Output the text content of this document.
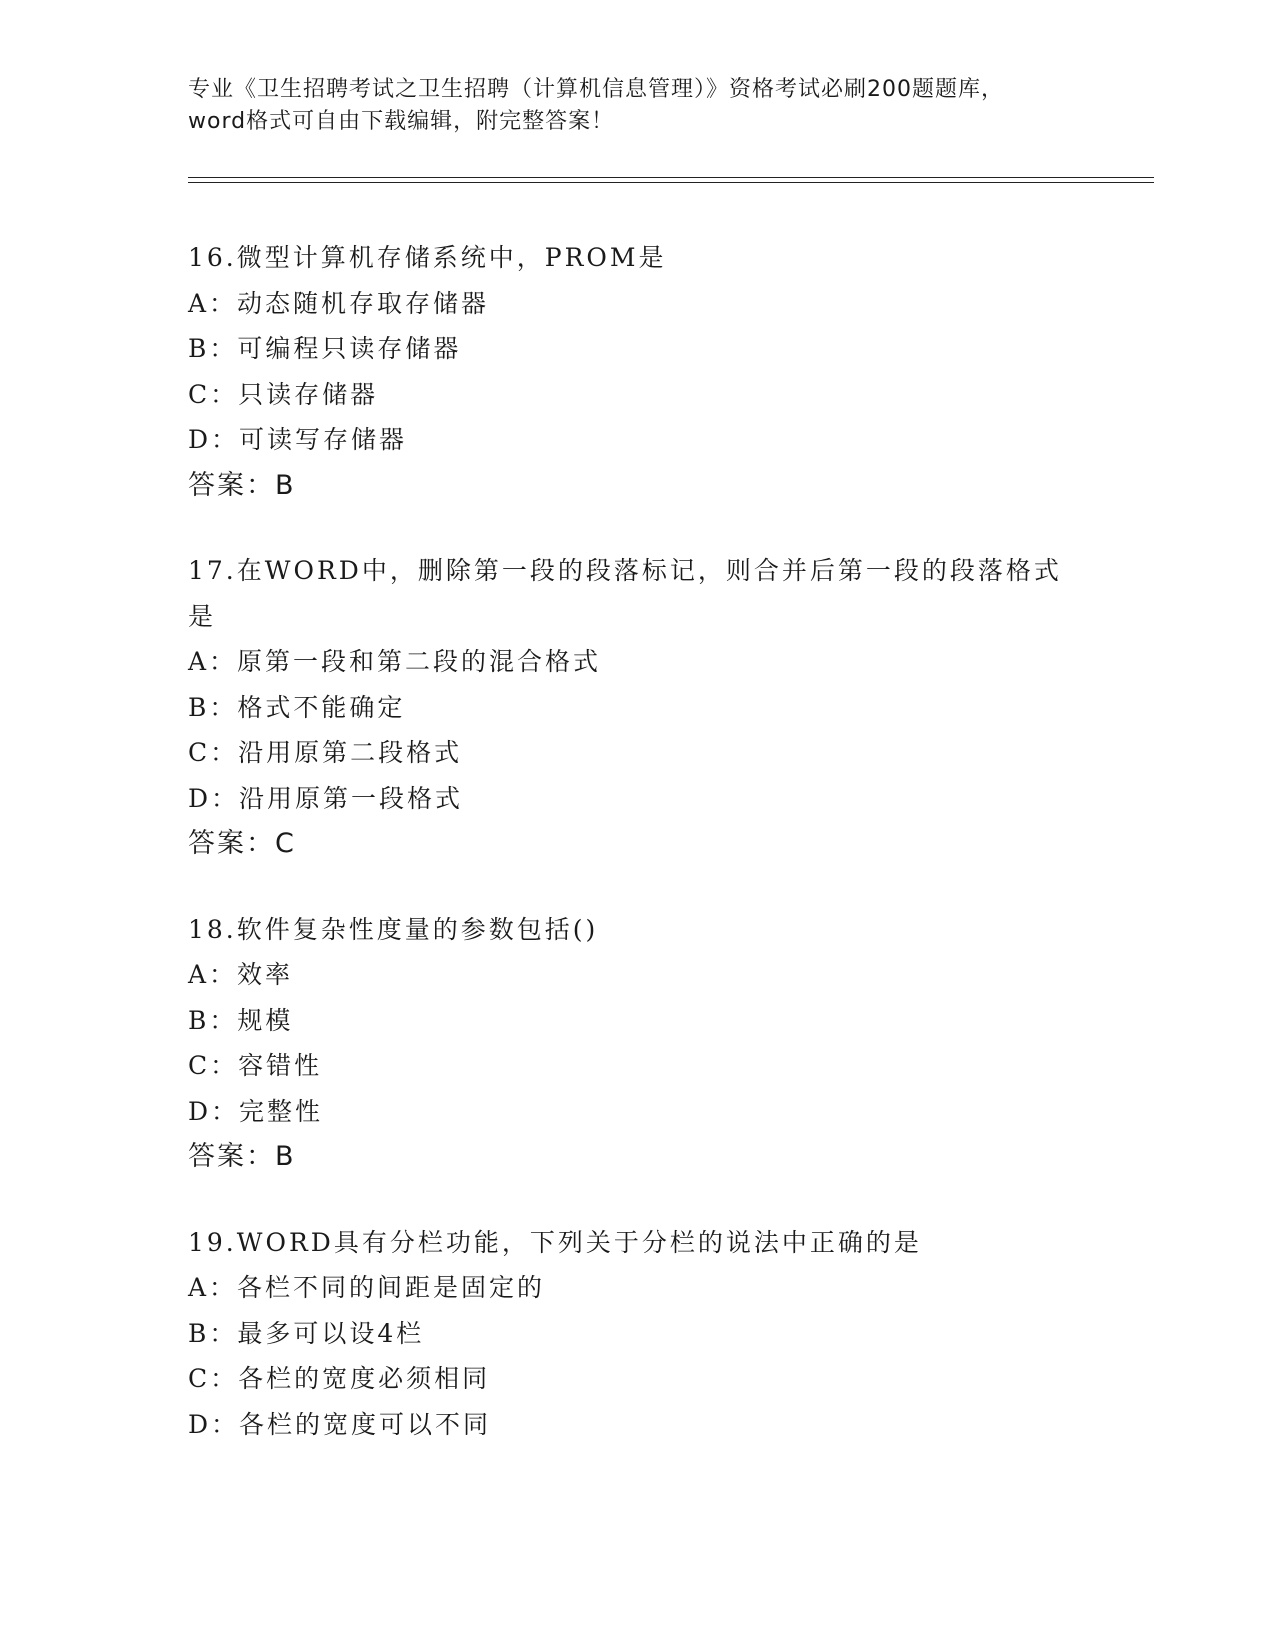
专业《卫生招聘考试之卫生招聘（计算机信息管理）》资格考试必刷200题题库，
word格式可自由下载编辑，附完整答案！
16.微型计算机存储系统中，PROM是
A：动态随机存取存储器
B：可编程只读存储器
C：只读存储器
D：可读写存储器
答案：B
17.在WORD中，删除第一段的段落标记，则合并后第一段的段落格式
是
A：原第一段和第二段的混合格式
B：格式不能确定
C：沿用原第二段格式
D：沿用原第一段格式
答案：C
18.软件复杂性度量的参数包括()
A：效率
B：规模
C：容错性
D：完整性
答案：B
19.WORD具有分栏功能，下列关于分栏的说法中正确的是
A：各栏不同的间距是固定的
B：最多可以设4栏
C：各栏的宽度必须相同
D：各栏的宽度可以不同
